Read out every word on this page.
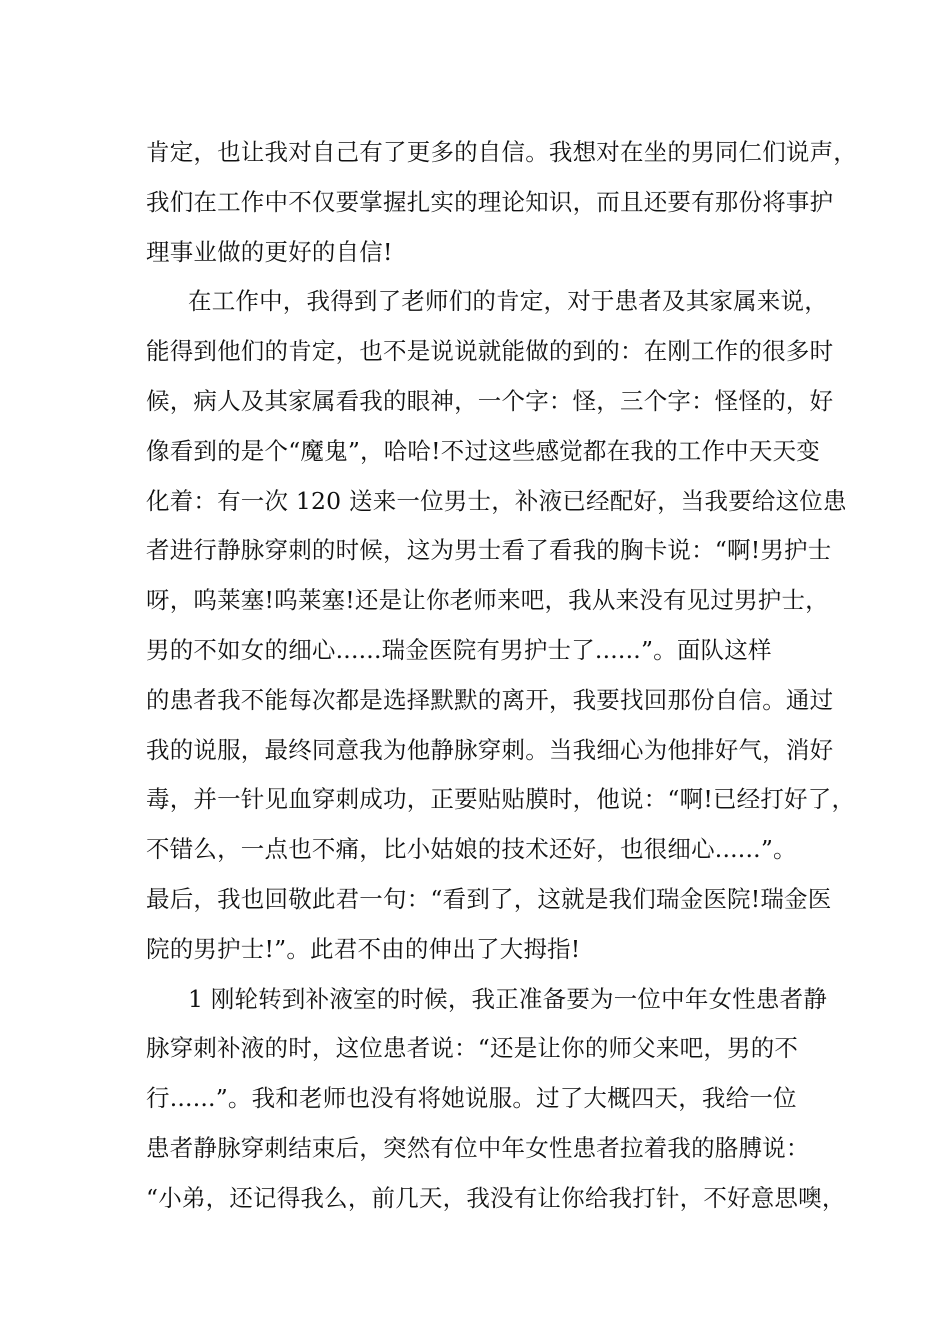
肯定，也让我对自己有了更多的自信。我想对在坐的男同仁们说声，
我们在工作中不仅要掌握扎实的理论知识，而且还要有那份将事护
理事业做的更好的自信!
在工作中，我得到了老师们的肯定，对于患者及其家属来说，
能得到他们的肯定，也不是说说就能做的到的：在刚工作的很多时
候，病人及其家属看我的眼神，一个字：怪，三个字：怪怪的，好
像看到的是个“魔鬼”，哈哈!不过这些感觉都在我的工作中天天变
化着：有一次 120 送来一位男士，补液已经配好，当我要给这位患
者进行静脉穿刺的时候，这为男士看了看我的胸卡说：“啊!男护士
呀，呜莱塞!呜莱塞!还是让你老师来吧，我从来没有见过男护士，
男的不如女的细心......瑞金医院有男护士了......”。面队这样
的患者我不能每次都是选择默默的离开，我要找回那份自信。通过
我的说服，最终同意我为他静脉穿刺。当我细心为他排好气，消好
毒，并一针见血穿刺成功，正要贴贴膜时，他说：“啊!已经打好了，
不错么，一点也不痛，比小姑娘的技术还好，也很细心......”。
最后，我也回敬此君一句：“看到了，这就是我们瑞金医院!瑞金医
院的男护士!”。此君不由的伸出了大拇指!
1 刚轮转到补液室的时候，我正准备要为一位中年女性患者静
脉穿刺补液的时，这位患者说：“还是让你的师父来吧，男的不
行......”。我和老师也没有将她说服。过了大概四天，我给一位
患者静脉穿刺结束后，突然有位中年女性患者拉着我的胳膊说：
“小弟，还记得我么，前几天，我没有让你给我打针，不好意思噢，
